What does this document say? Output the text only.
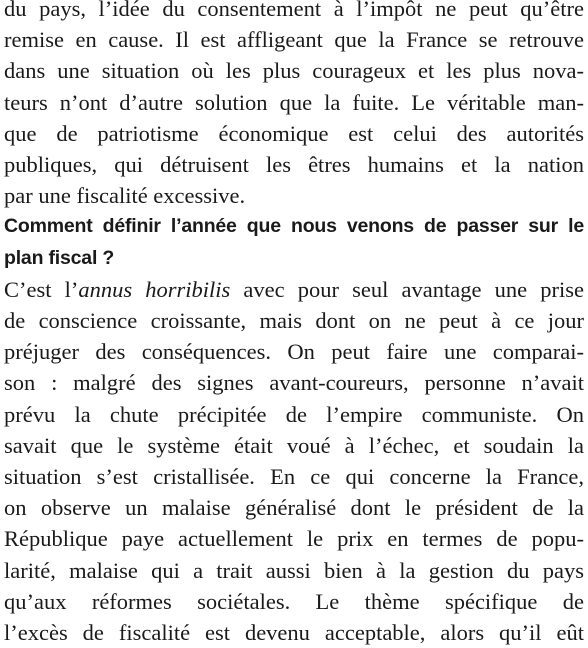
du pays, l’idée du consentement à l’impôt ne peut qu’être
remise en cause. Il est affligeant que la France se retrouve
dans une situation où les plus courageux et les plus nova-
teurs n’ont d’autre solution que la fuite. Le véritable man-
que de patriotisme économique est celui des autorités
publiques, qui détruisent les êtres humains et la nation
par une fiscalité excessive.

Comment définir l’année que nous venons de passer sur le
plan fiscal ?

C’est l’annus horribilis avec pour seul avantage une prise
de conscience croissante, mais dont on ne peut à ce jour
préjuger des conséquences. On peut faire une comparai-
son : malgré des signes avant-coureurs, personne n’avait
prévu la chute précipitée de l’empire communiste. On
savait que le système était voué à l’échec, et soudain la
situation s’est cristallisée. En ce qui concerne la France,
on observe un malaise généralisé dont le président de la
République paye actuellement le prix en termes de popu-
larité, malaise qui a trait aussi bien à la gestion du pays
qu’aux réformes sociétales. Le thème spécifique de
l’excès de fiscalité est devenu acceptable, alors qu’il eût
